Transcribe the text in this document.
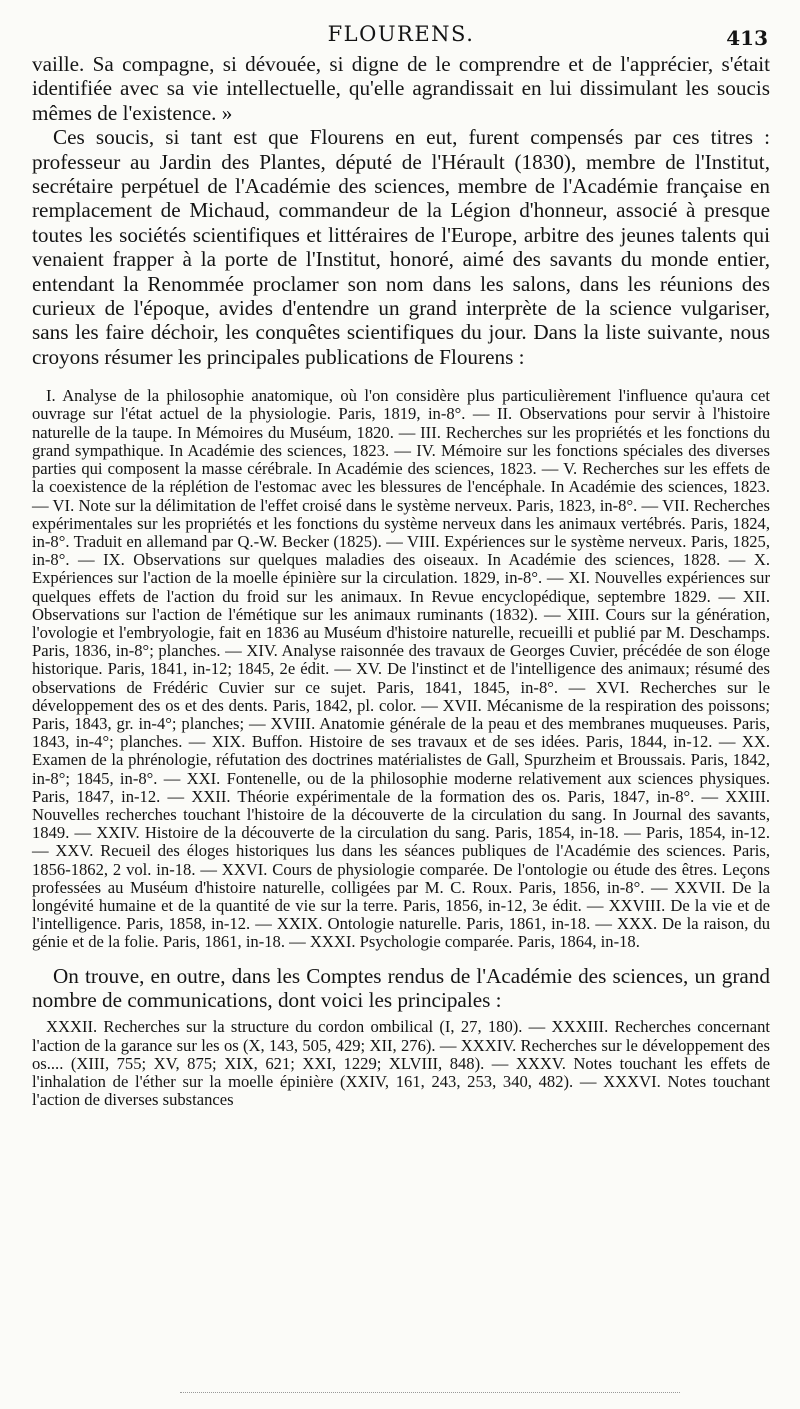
FLOURENS.	413

vaille. Sa compagne, si dévouée, si digne de le comprendre et de l'apprécier, s'était identifiée avec sa vie intellectuelle, qu'elle agrandissait en lui dissimulant les soucis mêmes de l'existence. »

Ces soucis, si tant est que Flourens en eut, furent compensés par ces titres : professeur au Jardin des Plantes, député de l'Hérault (1830), membre de l'Institut, secrétaire perpétuel de l'Académie des sciences, membre de l'Académie française en remplacement de Michaud, commandeur de la Légion d'honneur, associé à presque toutes les sociétés scientifiques et littéraires de l'Europe, arbitre des jeunes talents qui venaient frapper à la porte de l'Institut, honoré, aimé des savants du monde entier, entendant la Renommée proclamer son nom dans les salons, dans les réunions des curieux de l'époque, avides d'entendre un grand interprète de la science vulgariser, sans les faire déchoir, les conquêtes scientifiques du jour. Dans la liste suivante, nous croyons résumer les principales publications de Flourens :

I. Analyse de la philosophie anatomique, où l'on considère plus particulièrement l'influence qu'aura cet ouvrage sur l'état actuel de la physiologie. Paris, 1819, in-8°. — II. Observations pour servir à l'histoire naturelle de la taupe. In Mémoires du Muséum, 1820. — III. Recherches sur les propriétés et les fonctions du grand sympathique. In Académie des sciences, 1823. — IV. Mémoire sur les fonctions spéciales des diverses parties qui composent la masse cérébrale. In Académie des sciences, 1823. — V. Recherches sur les effets de la coexistence de la réplétion de l'estomac avec les blessures de l'encéphale. In Académie des sciences, 1823. — VI. Note sur la délimitation de l'effet croisé dans le système nerveux. Paris, 1823, in-8°. — VII. Recherches expérimentales sur les propriétés et les fonctions du système nerveux dans les animaux vertébrés. Paris, 1824, in-8°. Traduit en allemand par Q.-W. Becker (1825). — VIII. Expériences sur le système nerveux. Paris, 1825, in-8°. — IX. Observations sur quelques maladies des oiseaux. In Académie des sciences, 1828. — X. Expériences sur l'action de la moelle épinière sur la circulation. 1829, in-8°. — XI. Nouvelles expériences sur quelques effets de l'action du froid sur les animaux. In Revue encyclopédique, septembre 1829. — XII. Observations sur l'action de l'émétique sur les animaux ruminants (1832). — XIII. Cours sur la génération, l'ovologie et l'embryologie, fait en 1836 au Muséum d'histoire naturelle, recueilli et publié par M. Deschamps. Paris, 1836, in-8°; planches. — XIV. Analyse raisonnée des travaux de Georges Cuvier, précédée de son éloge historique. Paris, 1841, in-12; 1845, 2e édit. — XV. De l'instinct et de l'intelligence des animaux; résumé des observations de Frédéric Cuvier sur ce sujet. Paris, 1841, 1845, in-8°. — XVI. Recherches sur le développement des os et des dents. Paris, 1842, pl. color. — XVII. Mécanisme de la respiration des poissons; Paris, 1843, gr. in-4°; planches; — XVIII. Anatomie générale de la peau et des membranes muqueuses. Paris, 1843, in-4°; planches. — XIX. Buffon. Histoire de ses travaux et de ses idées. Paris, 1844, in-12. — XX. Examen de la phrénologie, réfutation des doctrines matérialistes de Gall, Spurzheim et Broussais. Paris, 1842, in-8°; 1845, in-8°. — XXI. Fontenelle, ou de la philosophie moderne relativement aux sciences physiques. Paris, 1847, in-12. — XXII. Théorie expérimentale de la formation des os. Paris, 1847, in-8°. — XXIII. Nouvelles recherches touchant l'histoire de la découverte de la circulation du sang. In Journal des savants, 1849. — XXIV. Histoire de la découverte de la circulation du sang. Paris, 1854, in-18. — Paris, 1854, in-12. — XXV. Recueil des éloges historiques lus dans les séances publiques de l'Académie des sciences. Paris, 1856-1862, 2 vol. in-18. — XXVI. Cours de physiologie comparée. De l'ontologie ou étude des êtres. Leçons professées au Muséum d'histoire naturelle, colligées par M. C. Roux. Paris, 1856, in-8°. — XXVII. De la longévité humaine et de la quantité de vie sur la terre. Paris, 1856, in-12, 3e édit. — XXVIII. De la vie et de l'intelligence. Paris, 1858, in-12. — XXIX. Ontologie naturelle. Paris, 1861, in-18. — XXX. De la raison, du génie et de la folie. Paris, 1861, in-18. — XXXI. Psychologie comparée. Paris, 1864, in-18.

On trouve, en outre, dans les Comptes rendus de l'Académie des sciences, un grand nombre de communications, dont voici les principales :

XXXII. Recherches sur la structure du cordon ombilical (I, 27, 180). — XXXIII. Recherches concernant l'action de la garance sur les os (X, 143, 505, 429; XII, 276). — XXXIV. Recherches sur le développement des os.... (XIII, 755; XV, 875; XIX, 621; XXI, 1229; XLVIII, 848). — XXXV. Notes touchant les effets de l'inhalation de l'éther sur la moelle épinière (XXIV, 161, 243, 253, 340, 482). — XXXVI. Notes touchant l'action de diverses substances
